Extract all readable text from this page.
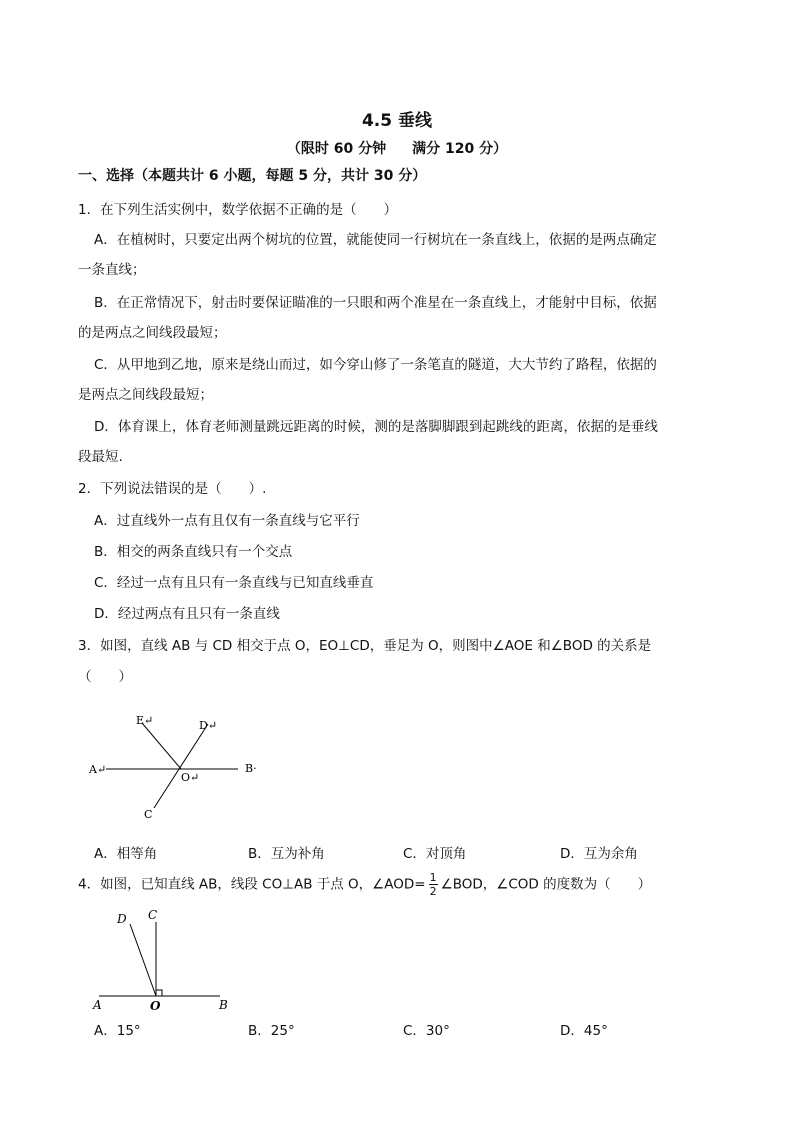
4.5 垂线
（限时 60 分钟 满分 120 分）
一、选择（本题共计 6 小题，每题 5 分，共计 30 分）
1．在下列生活实例中，数学依据不正确的是（　　）
A．在植树时，只要定出两个树坑的位置，就能使同一行树坑在一条直线上，依据的是两点确定
一条直线；
B．在正常情况下，射击时要保证瞄准的一只眼和两个准星在一条直线上，才能射中目标，依据
的是两点之间线段最短；
C．从甲地到乙地，原来是绕山而过，如今穿山修了一条笔直的隧道，大大节约了路程，依据的
是两点之间线段最短；
D．体育课上，体育老师测量跳远距离的时候，测的是落脚脚跟到起跳线的距离，依据的是垂线
段最短.
2．下列说法错误的是（　　）.
A．过直线外一点有且仅有一条直线与它平行
B．相交的两条直线只有一个交点
C．经过一点有且只有一条直线与已知直线垂直
D．经过两点有且只有一条直线
3．如图，直线 AB 与 CD 相交于点 O，EO⊥CD，垂足为 O，则图中∠AOE 和∠BOD 的关系是
（　　）
E↵	D↵
A↵
O↵
B·
C
A．相等角	B．互为补角	C．对顶角	D．互为余角
4．如图，已知直线 AB，线段 CO⊥AB 于点 O，∠AOD= $\frac{1}{2}$ ∠BOD，∠COD 的度数为（　　）
D C
A	O	B
A．15°	B．25°	C．30°	D．45°
